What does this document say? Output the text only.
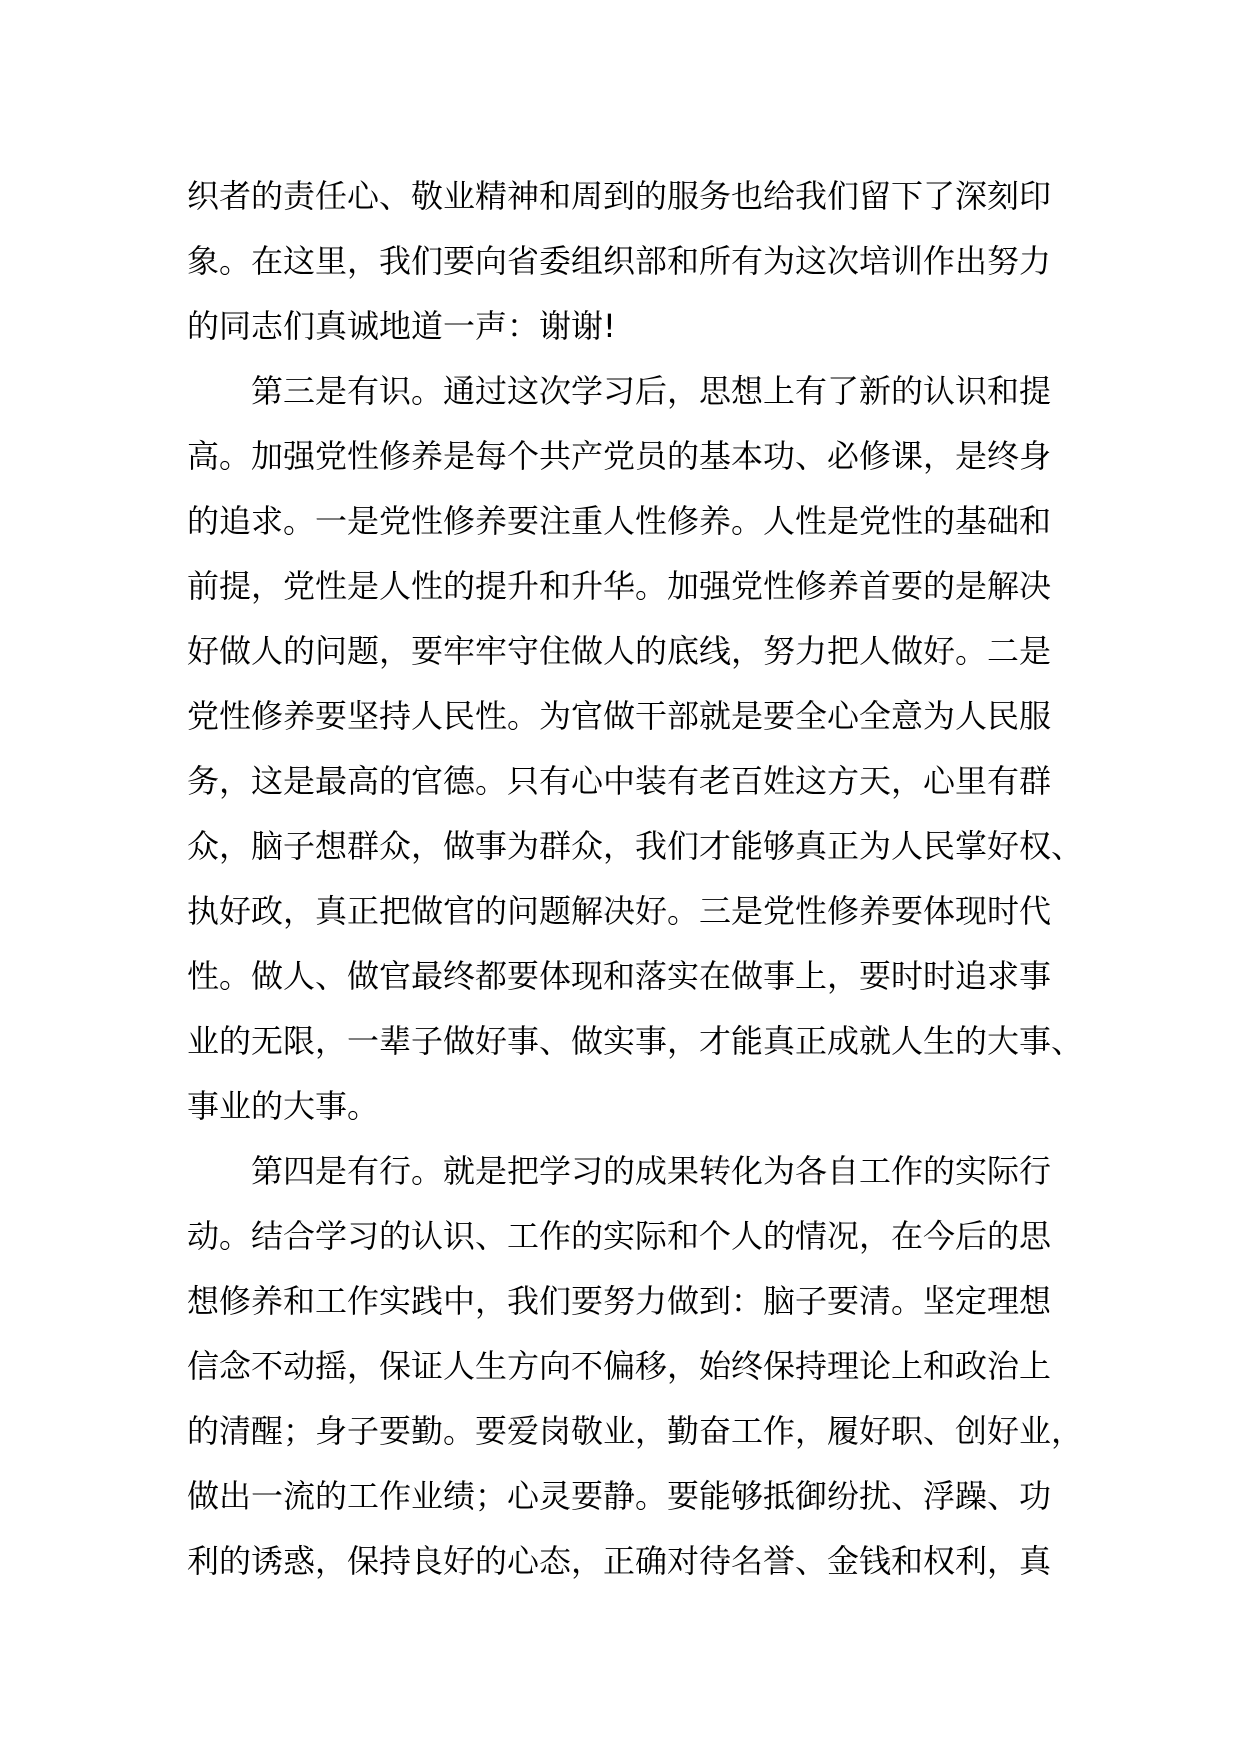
织者的责任心、敬业精神和周到的服务也给我们留下了深刻印
象。在这里，我们要向省委组织部和所有为这次培训作出努力
的同志们真诚地道一声：谢谢!
第三是有识。通过这次学习后，思想上有了新的认识和提
高。加强党性修养是每个共产党员的基本功、必修课，是终身
的追求。一是党性修养要注重人性修养。人性是党性的基础和
前提，党性是人性的提升和升华。加强党性修养首要的是解决
好做人的问题，要牢牢守住做人的底线，努力把人做好。二是
党性修养要坚持人民性。为官做干部就是要全心全意为人民服
务，这是最高的官德。只有心中装有老百姓这方天，心里有群
众，脑子想群众，做事为群众，我们才能够真正为人民掌好权、
执好政，真正把做官的问题解决好。三是党性修养要体现时代
性。做人、做官最终都要体现和落实在做事上，要时时追求事
业的无限，一辈子做好事、做实事，才能真正成就人生的大事、
事业的大事。
第四是有行。就是把学习的成果转化为各自工作的实际行
动。结合学习的认识、工作的实际和个人的情况，在今后的思
想修养和工作实践中，我们要努力做到：脑子要清。坚定理想
信念不动摇，保证人生方向不偏移，始终保持理论上和政治上
的清醒；身子要勤。要爱岗敬业，勤奋工作，履好职、创好业，
做出一流的工作业绩；心灵要静。要能够抵御纷扰、浮躁、功
利的诱惑，保持良好的心态，正确对待名誉、金钱和权利，真
